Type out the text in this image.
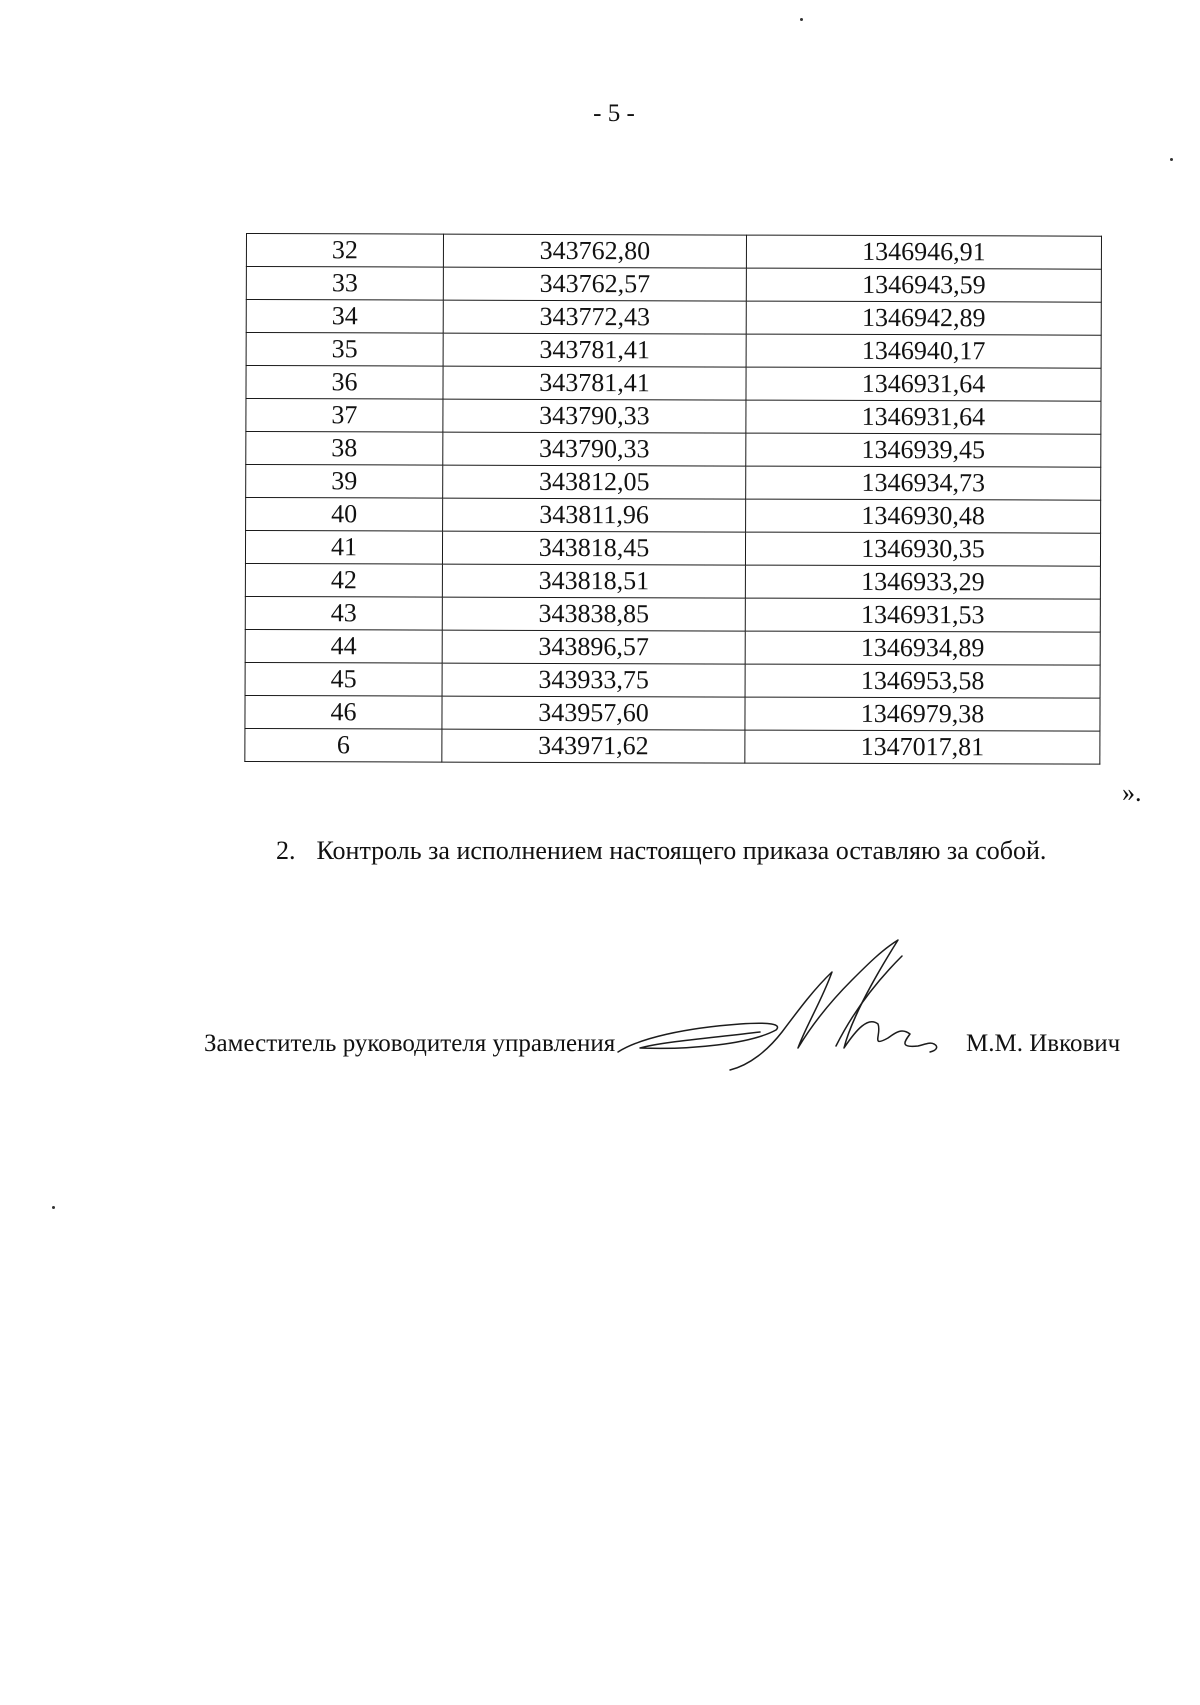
- 5 -
32	343762,80	1346946,91
33	343762,57	1346943,59
34	343772,43	1346942,89
35	343781,41	1346940,17
36	343781,41	1346931,64
37	343790,33	1346931,64
38	343790,33	1346939,45
39	343812,05	1346934,73
40	343811,96	1346930,48
41	343818,45	1346930,35
42	343818,51	1346933,29
43	343838,85	1346931,53
44	343896,57	1346934,89
45	343933,75	1346953,58
46	343957,60	1346979,38
6	343971,62	1347017,81
».
2. Контроль за исполнением настоящего приказа оставляю за собой.
Заместитель руководителя управления	М.М. Ивкович
